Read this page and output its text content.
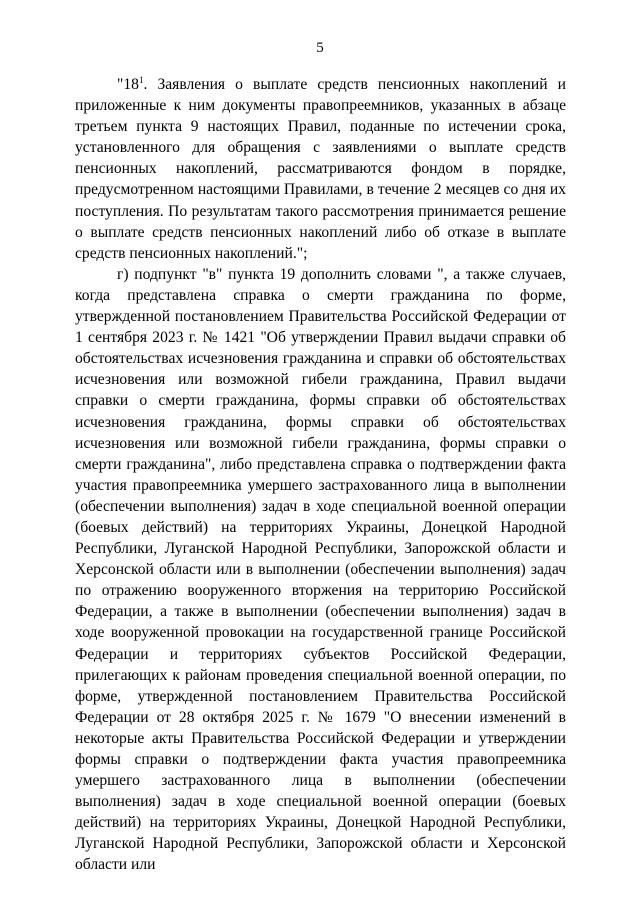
5

"18$^1$. Заявления о выплате средств пенсионных накоплений и приложенные к ним документы правопреемников, указанных в абзаце третьем пункта 9 настоящих Правил, поданные по истечении срока, установленного для обращения с заявлениями о выплате средств пенсионных накоплений, рассматриваются фондом в порядке, предусмотренном настоящими Правилами, в течение 2 месяцев со дня их поступления. По результатам такого рассмотрения принимается решение о выплате средств пенсионных накоплений либо об отказе в выплате средств пенсионных накоплений.";

г) подпункт "в" пункта 19 дополнить словами ", а также случаев, когда представлена справка о смерти гражданина по форме, утвержденной постановлением Правительства Российской Федерации от 1 сентября 2023 г. № 1421 "Об утверждении Правил выдачи справки об обстоятельствах исчезновения гражданина и справки об обстоятельствах исчезновения или возможной гибели гражданина, Правил выдачи справки о смерти гражданина, формы справки об обстоятельствах исчезновения гражданина, формы справки об обстоятельствах исчезновения или возможной гибели гражданина, формы справки о смерти гражданина", либо представлена справка о подтверждении факта участия правопреемника умершего застрахованного лица в выполнении (обеспечении выполнения) задач в ходе специальной военной операции (боевых действий) на территориях Украины, Донецкой Народной Республики, Луганской Народной Республики, Запорожской области и Херсонской области или в выполнении (обеспечении выполнения) задач по отражению вооруженного вторжения на территорию Российской Федерации, а также в выполнении (обеспечении выполнения) задач в ходе вооруженной провокации на государственной границе Российской Федерации и территориях субъектов Российской Федерации, прилегающих к районам проведения специальной военной операции, по форме, утвержденной постановлением Правительства Российской Федерации от 28 октября 2025 г. № 1679 "О внесении изменений в некоторые акты Правительства Российской Федерации и утверждении формы справки о подтверждении факта участия правопреемника умершего застрахованного лица в выполнении (обеспечении выполнения) задач в ходе специальной военной операции (боевых действий) на территориях Украины, Донецкой Народной Республики, Луганской Народной Республики, Запорожской области и Херсонской области или
